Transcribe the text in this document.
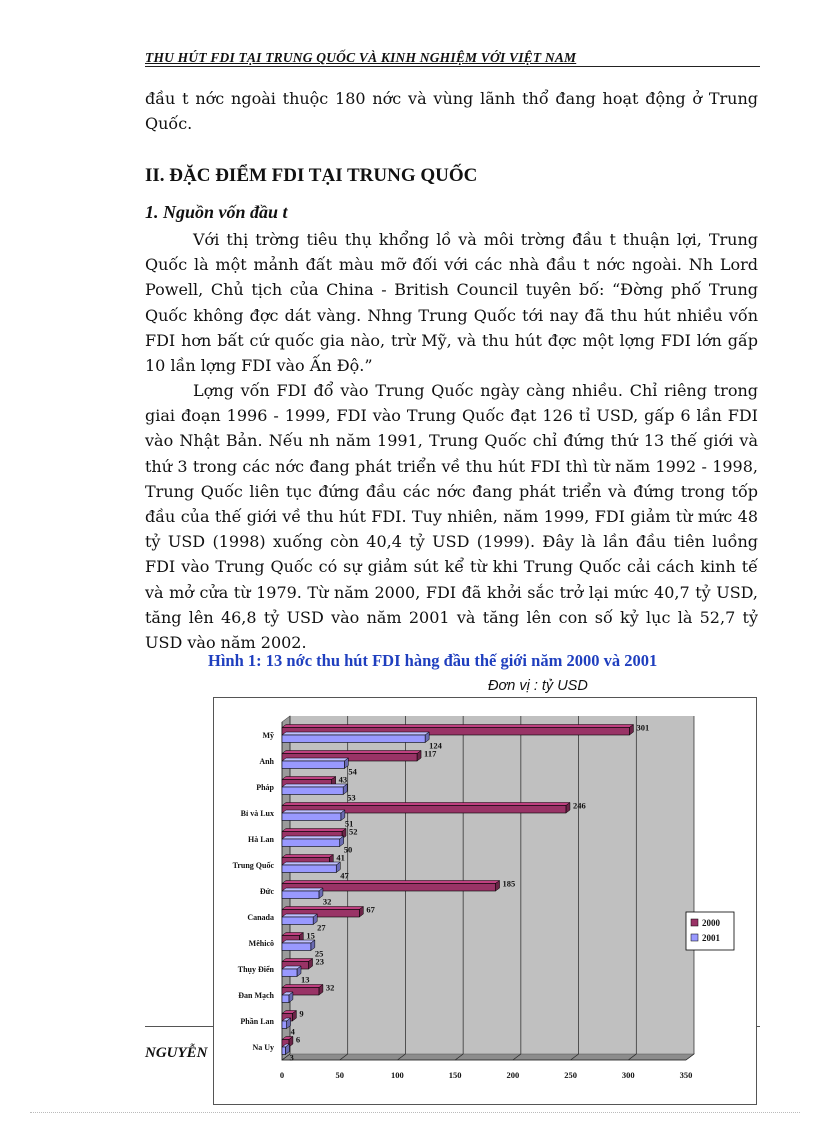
THU HÚT FDI TẠI TRUNG QUỐC VÀ KINH NGHIỆM VỚI VIỆT NAM

đầu t nớc ngoài thuộc 180 nớc và vùng lãnh thổ đang hoạt động ở Trung Quốc.

II. ĐẶC ĐIỂM FDI TẠI TRUNG QUỐC
1. Nguồn vốn đầu t

Với thị trờng tiêu thụ khổng lồ và môi trờng đầu t thuận lợi, Trung Quốc là một mảnh đất màu mỡ đối với các nhà đầu t nớc ngoài. Nh Lord Powell, Chủ tịch của China - British Council tuyên bố: “Đờng phố Trung Quốc không đợc dát vàng. Nhng Trung Quốc tới nay đã thu hút nhiều vốn FDI hơn bất cứ quốc gia nào, trừ Mỹ, và thu hút đợc một lợng FDI lớn gấp 10 lần lợng FDI vào Ấn Độ.”

Lợng vốn FDI đổ vào Trung Quốc ngày càng nhiều. Chỉ riêng trong giai đoạn 1996 - 1999, FDI vào Trung Quốc đạt 126 tỉ USD, gấp 6 lần FDI vào Nhật Bản. Nếu nh năm 1991, Trung Quốc chỉ đứng thứ 13 thế giới và thứ 3 trong các nớc đang phát triển về thu hút FDI thì từ năm 1992 - 1998, Trung Quốc liên tục đứng đầu các nớc đang phát triển và đứng trong tốp đầu của thế giới về thu hút FDI. Tuy nhiên, năm 1999, FDI giảm từ mức 48 tỷ USD (1998) xuống còn 40,4 tỷ USD (1999). Đây là lần đầu tiên luồng FDI vào Trung Quốc có sự giảm sút kể từ khi Trung Quốc cải cách kinh tế và mở cửa từ 1979. Từ năm 2000, FDI đã khởi sắc trở lại mức 40,7 tỷ USD, tăng lên 46,8 tỷ USD vào năm 2001 và tăng lên con số kỷ lục là 52,7 tỷ USD vào năm 2002.

Hình 1: 13 nớc thu hút FDI hàng đầu thế giới năm 2000 và 2001
Đơn vị : tỷ USD
NGUYỄN
0	50	100	150	200	250	300	350
Mỹ
301
124
Anh
117
54
Pháp
43
53
Bỉ và Lux
246
51
Hà Lan
52
50
Trung Quốc
41
47
Đức
185
32
Canada
67
27
Mêhicô
15
25
Thụy Điển
23
13
Đan Mạch
32
Phần Lan
9
4
Na Uy
6
3
2000
2001
